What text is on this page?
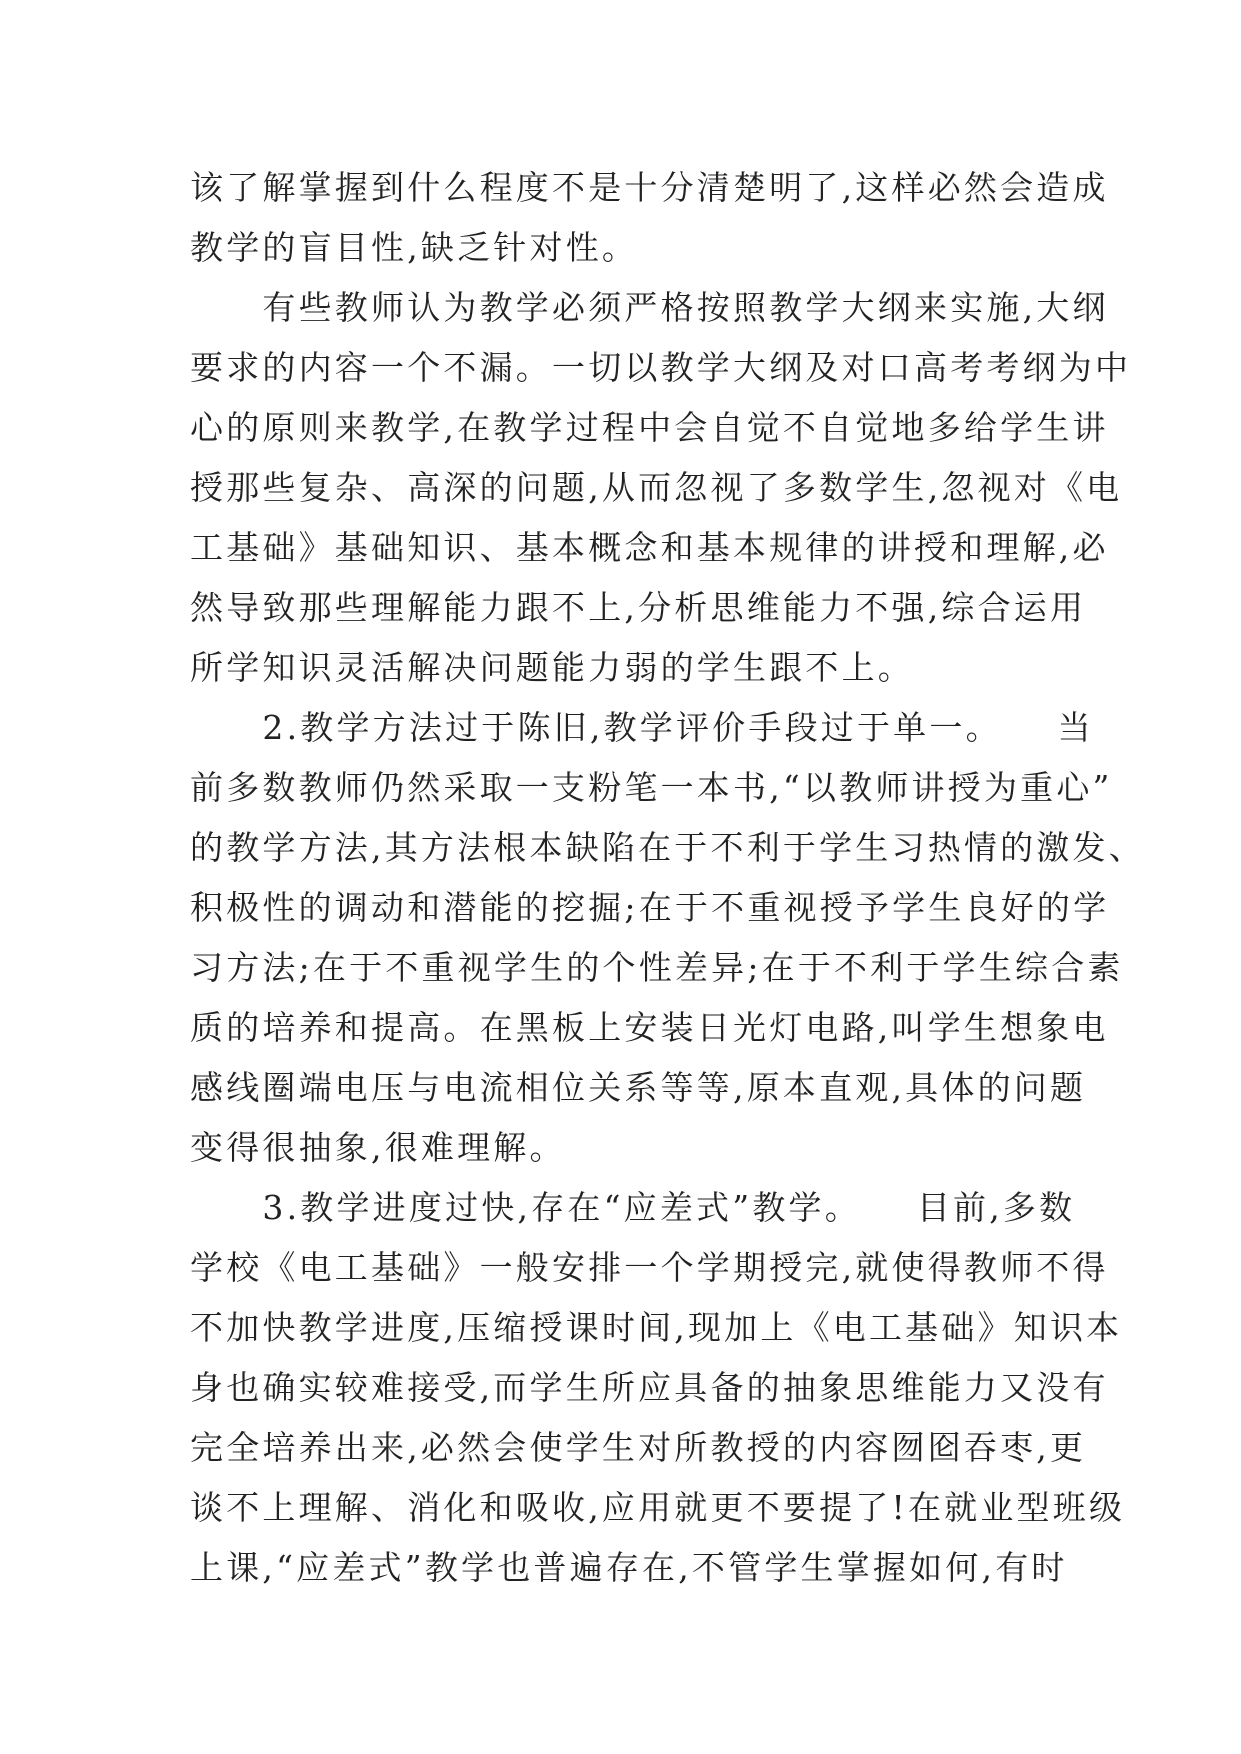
该了解掌握到什么程度不是十分清楚明了,这样必然会造成
教学的盲目性,缺乏针对性。
　　有些教师认为教学必须严格按照教学大纲来实施,大纲
要求的内容一个不漏。一切以教学大纲及对口高考考纲为中
心的原则来教学,在教学过程中会自觉不自觉地多给学生讲
授那些复杂、高深的问题,从而忽视了多数学生,忽视对《电
工基础》基础知识、基本概念和基本规律的讲授和理解,必
然导致那些理解能力跟不上,分析思维能力不强,综合运用
所学知识灵活解决问题能力弱的学生跟不上。
　　2.教学方法过于陈旧,教学评价手段过于单一。　　当
前多数教师仍然采取一支粉笔一本书,“以教师讲授为重心”
的教学方法,其方法根本缺陷在于不利于学生习热情的激发、
积极性的调动和潜能的挖掘;在于不重视授予学生良好的学
习方法;在于不重视学生的个性差异;在于不利于学生综合素
质的培养和提高。在黑板上安装日光灯电路,叫学生想象电
感线圈端电压与电流相位关系等等,原本直观,具体的问题
变得很抽象,很难理解。
　　3.教学进度过快,存在“应差式”教学。　　目前,多数
学校《电工基础》一般安排一个学期授完,就使得教师不得
不加快教学进度,压缩授课时间,现加上《电工基础》知识本
身也确实较难接受,而学生所应具备的抽象思维能力又没有
完全培养出来,必然会使学生对所教授的内容囫囵吞枣,更
谈不上理解、消化和吸收,应用就更不要提了!在就业型班级
上课,“应差式”教学也普遍存在,不管学生掌握如何,有时
